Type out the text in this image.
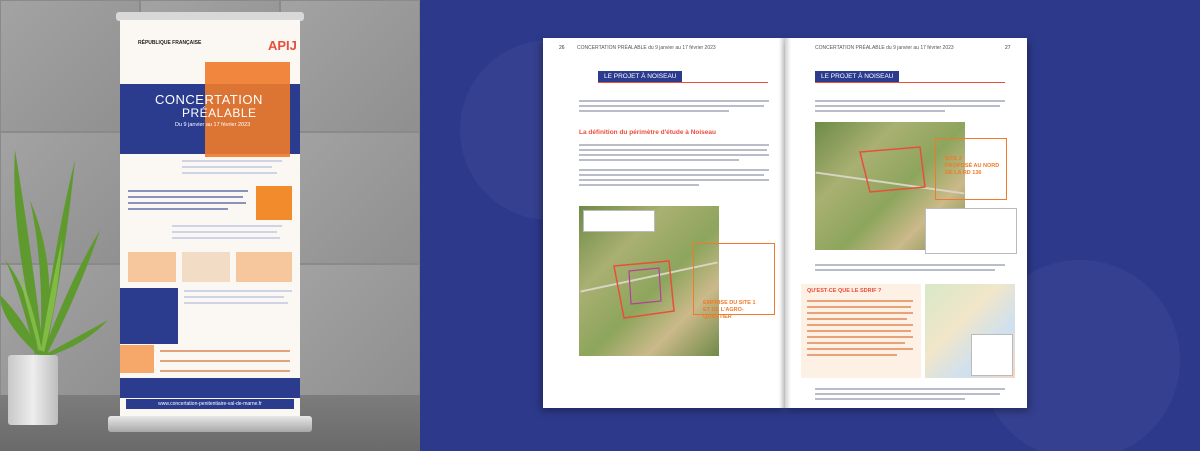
RÉPUBLIQUE FRANÇAISE	APIJ
CONCERTATION
PRÉALABLE
Du 9 janvier au 17 février 2023
www.concertation-penitentiaire-val-de-marne.fr
CONCERTATION PRÉALABLE du 9 janvier au 17 février 2023
26
LE PROJET À NOISEAU
La définition du périmètre d'étude à Noiseau
EMPRISE DU SITE 1
ET DE L'AGRO-
QUARTIER
CONCERTATION PRÉALABLE du 9 janvier au 17 février 2023	27
LE PROJET À NOISEAU
SITE 2
PROPOSÉ AU NORD
DE LA RD 136
QU'EST-CE QUE LE SDRIF ?
